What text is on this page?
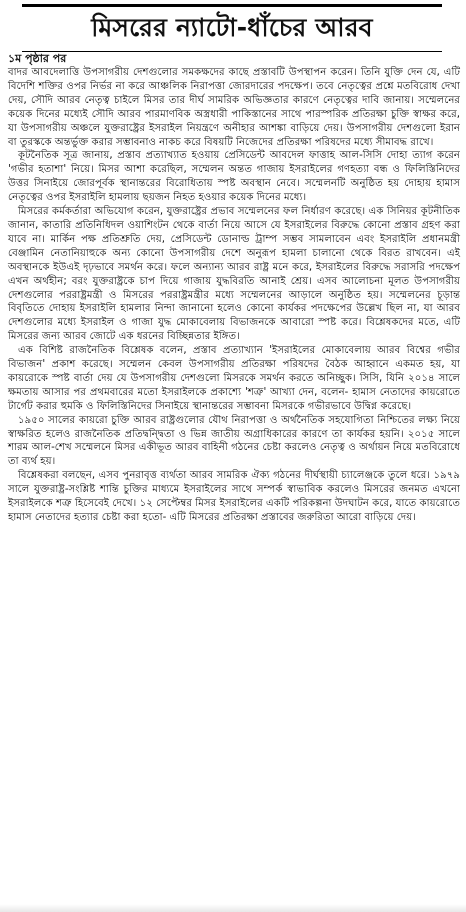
মিসরের ন্যাটো-ধাঁচের আরব

১ম পৃষ্ঠার পর

বাদর আবদেলাত্তি উপসাগরীয় দেশগুলোর সমকক্ষদের কাছে প্রস্তাবটি উপস্থাপন করেন। তিনি যুক্তি দেন যে, এটি বিদেশি শক্তির ওপর নির্ভর না করে আঞ্চলিক নিরাপত্তা জোরদারের পদক্ষেপ। তবে নেতৃত্বের প্রশ্নে মতবিরোধ দেখা দেয়, সৌদি আরব নেতৃত্ব চাইলে মিসর তার দীর্ঘ সামরিক অভিজ্ঞতার কারণে নেতৃত্বের দাবি জানায়। সম্মেলনের কয়েক দিনের মধ্যেই সৌদি আরব পারমাণবিক অস্ত্রধারী পাকিস্তানের সাথে পারস্পরিক প্রতিরক্ষা চুক্তি স্বাক্ষর করে, যা উপসাগরীয় অঞ্চলে যুক্তরাষ্ট্রের ইসরাইল নিয়ন্ত্রণে অনীহার আশঙ্কা বাড়িয়ে দেয়। উপসাগরীয় দেশগুলো ইরান বা তুরস্ককে অন্তর্ভুক্ত করার সম্ভাবনাও নাকচ করে বিষয়টি নিজেদের প্রতিরক্ষা পরিষদের মধ্যে সীমাবদ্ধ রাখে।

কূটনৈতিক সূত্র জানায়, প্রস্তাব প্রত্যাখ্যাত হওয়ায় প্রেসিডেন্ট আবদেল ফাত্তাহ আল-সিসি দোহা ত্যাগ করেন 'গভীর হতাশা' নিয়ে। মিসর আশা করেছিল, সম্মেলন অন্তত গাজায় ইসরাইলের গণহত্যা বন্ধ ও ফিলিস্তিনিদের উত্তর সিনাইয়ে জোরপূর্বক স্থানান্তরের বিরোধিতায় স্পষ্ট অবস্থান নেবে। সম্মেলনটি অনুষ্ঠিত হয় দোহায় হামাস নেতৃত্বের ওপর ইসরাইলি হামলায় ছয়জন নিহত হওয়ার কয়েক দিনের মধ্যে।

মিসরের কর্মকর্তারা অভিযোগ করেন, যুক্তরাষ্ট্রের প্রভাব সম্মেলনের ফল নির্ধারণ করেছে। এক সিনিয়র কূটনীতিক জানান, কাতারি প্রতিনিধিদল ওয়াশিংটন থেকে বার্তা নিয়ে আসে যে ইসরাইলের বিরুদ্ধে কোনো প্রস্তাব গ্রহণ করা যাবে না। মার্কিন পক্ষ প্রতিশ্রুতি দেয়, প্রেসিডেন্ট ডোনাল্ড ট্রাম্প সম্ভব সামলাবেন এবং ইসরাইলি প্রধানমন্ত্রী বেঞ্জামিন নেতানিয়াহুকে অন্য কোনো উপসাগরীয় দেশে অনুরূপ হামলা চালানো থেকে বিরত রাখবেন। এই অবস্থানকে ইউএই দৃঢ়ভাবে সমর্থন করে। ফলে অন্যান্য আরব রাষ্ট্র মনে করে, ইসরাইলের বিরুদ্ধে সরাসরি পদক্ষেপ এখন অর্থহীন; বরং যুক্তরাষ্ট্রকে চাপ দিয়ে গাজায় যুদ্ধবিরতি আনাই শ্রেয়। এসব আলোচনা মূলত উপসাগরীয় দেশগুলোর পররাষ্ট্রমন্ত্রী ও মিসরের পররাষ্ট্রমন্ত্রীর মধ্যে সম্মেলনের আড়ালে অনুষ্ঠিত হয়। সম্মেলনের চূড়ান্ত বিবৃতিতে দোহায় ইসরাইলি হামলার নিন্দা জানানো হলেও কোনো কার্যকর পদক্ষেপের উল্লেখ ছিল না, যা আরব দেশগুলোর মধ্যে ইসরাইল ও গাজা যুদ্ধ মোকাবেলায় বিভাজনকে আবারো স্পষ্ট করে। বিশ্লেষকদের মতে, এটি মিসরের জন্য আরব জোটে এক ধরনের বিচ্ছিন্নতার ইঙ্গিত।

এক বিশিষ্ট রাজনৈতিক বিশ্লেষক বলেন, প্রস্তাব প্রত্যাখ্যান 'ইসরাইলের মোকাবেলায় আরব বিশ্বের গভীর বিভাজন' প্রকাশ করেছে। সম্মেলন কেবল উপসাগরীয় প্রতিরক্ষা পরিষদের বৈঠক আহ্বানে একমত হয়, যা কায়রোকে স্পষ্ট বার্তা দেয় যে উপসাগরীয় দেশগুলো মিসরকে সমর্থন করতে অনিচ্ছুক। সিসি, যিনি ২০১৪ সালে ক্ষমতায় আসার পর প্রথমবারের মতো ইসরাইলকে প্রকাশ্যে 'শত্রু' আখ্যা দেন, বলেন- হামাস নেতাদের কায়রোতে টার্গেট করার হুমকি ও ফিলিস্তিনিদের সিনাইয়ে স্থানান্তরের সম্ভাবনা মিসরকে গভীরভাবে উদ্বিগ্ন করেছে।

১৯৫০ সালের কায়রো চুক্তি আরব রাষ্ট্রগুলোর যৌথ নিরাপত্তা ও অর্থনৈতিক সহযোগিতা নিশ্চিতের লক্ষ্য নিয়ে স্বাক্ষরিত হলেও রাজনৈতিক প্রতিদ্বন্দ্বিতা ও ভিন্ন জাতীয় অগ্রাধিকারের কারণে তা কার্যকর হয়নি। ২০১৫ সালে শারম আল-শেখ সম্মেলনে মিসর একীভূত আরব বাহিনী গঠনের চেষ্টা করলেও নেতৃত্ব ও অর্থায়ন নিয়ে মতবিরোধে তা ব্যর্থ হয়।

বিশ্লেষকরা বলছেন, এসব পুনরাবৃত্ত ব্যর্থতা আরব সামরিক ঐক্য গঠনের দীর্ঘস্থায়ী চ্যালেঞ্জকে তুলে ধরে। ১৯৭৯ সালে যুক্তরাষ্ট্র-সংশ্লিষ্ট শান্তি চুক্তির মাধ্যমে ইসরাইলের সাথে সম্পর্ক স্বাভাবিক করলেও মিসরের জনমত এখনো ইসরাইলকে শত্রু হিসেবেই দেখে। ১২ সেপ্টেম্বর মিসর ইসরাইলের একটি পরিকল্পনা উদঘাটন করে, যাতে কায়রোতে হামাস নেতাদের হত্যার চেষ্টা করা হতো- এটি মিসরের প্রতিরক্ষা প্রস্তাবের জরুরিতা আরো বাড়িয়ে দেয়।
